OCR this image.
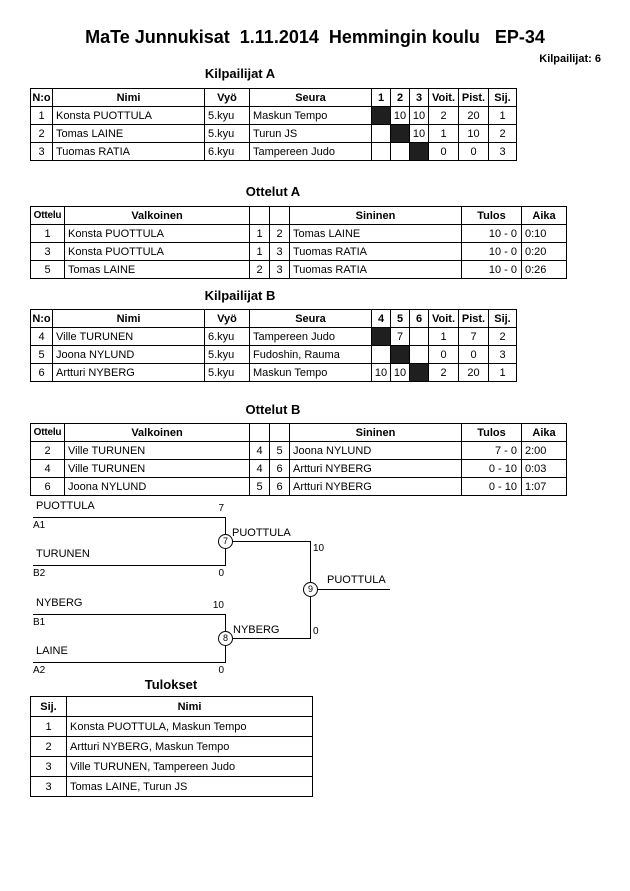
MaTe Junnukisat  1.11.2014  Hemmingin koulu   EP-34
Kilpailijat: 6
Kilpailijat A
N:o	Nimi	Vyö	Seura	1	2	3	Voit.	Pist.	Sij.
1	Konsta PUOTTULA	5.kyu	Maskun Tempo		10	10	2	20	1
2	Tomas LAINE	5.kyu	Turun JS			10	1	10	2
3	Tuomas RATIA	6.kyu	Tampereen Judo				0	0	3
Ottelut A
Ottelu	Valkoinen			Sininen	Tulos	Aika
1	Konsta PUOTTULA	1	2	Tomas LAINE	10 - 0	0:10
3	Konsta PUOTTULA	1	3	Tuomas RATIA	10 - 0	0:20
5	Tomas LAINE	2	3	Tuomas RATIA	10 - 0	0:26
Kilpailijat B
N:o	Nimi	Vyö	Seura	4	5	6	Voit.	Pist.	Sij.
4	Ville TURUNEN	6.kyu	Tampereen Judo		7		1	7	2
5	Joona NYLUND	5.kyu	Fudoshin, Rauma				0	0	3
6	Artturi NYBERG	5.kyu	Maskun Tempo	10	10		2	20	1
Ottelut B
Ottelu	Valkoinen			Sininen	Tulos	Aika
2	Ville TURUNEN	4	5	Joona NYLUND	7 - 0	2:00
4	Ville TURUNEN	4	6	Artturi NYBERG	0 - 10	0:03
6	Joona NYLUND	5	6	Artturi NYBERG	0 - 10	1:07
PUOTTULA
A1
7
TURUNEN
B2	0
7
PUOTTULA
10
NYBERG
B1
10
LAINE
A2	0
8
NYBERG	0
9
PUOTTULA
Tulokset
Sij.	Nimi
1	Konsta PUOTTULA, Maskun Tempo
2	Artturi NYBERG, Maskun Tempo
3	Ville TURUNEN, Tampereen Judo
3	Tomas LAINE, Turun JS
